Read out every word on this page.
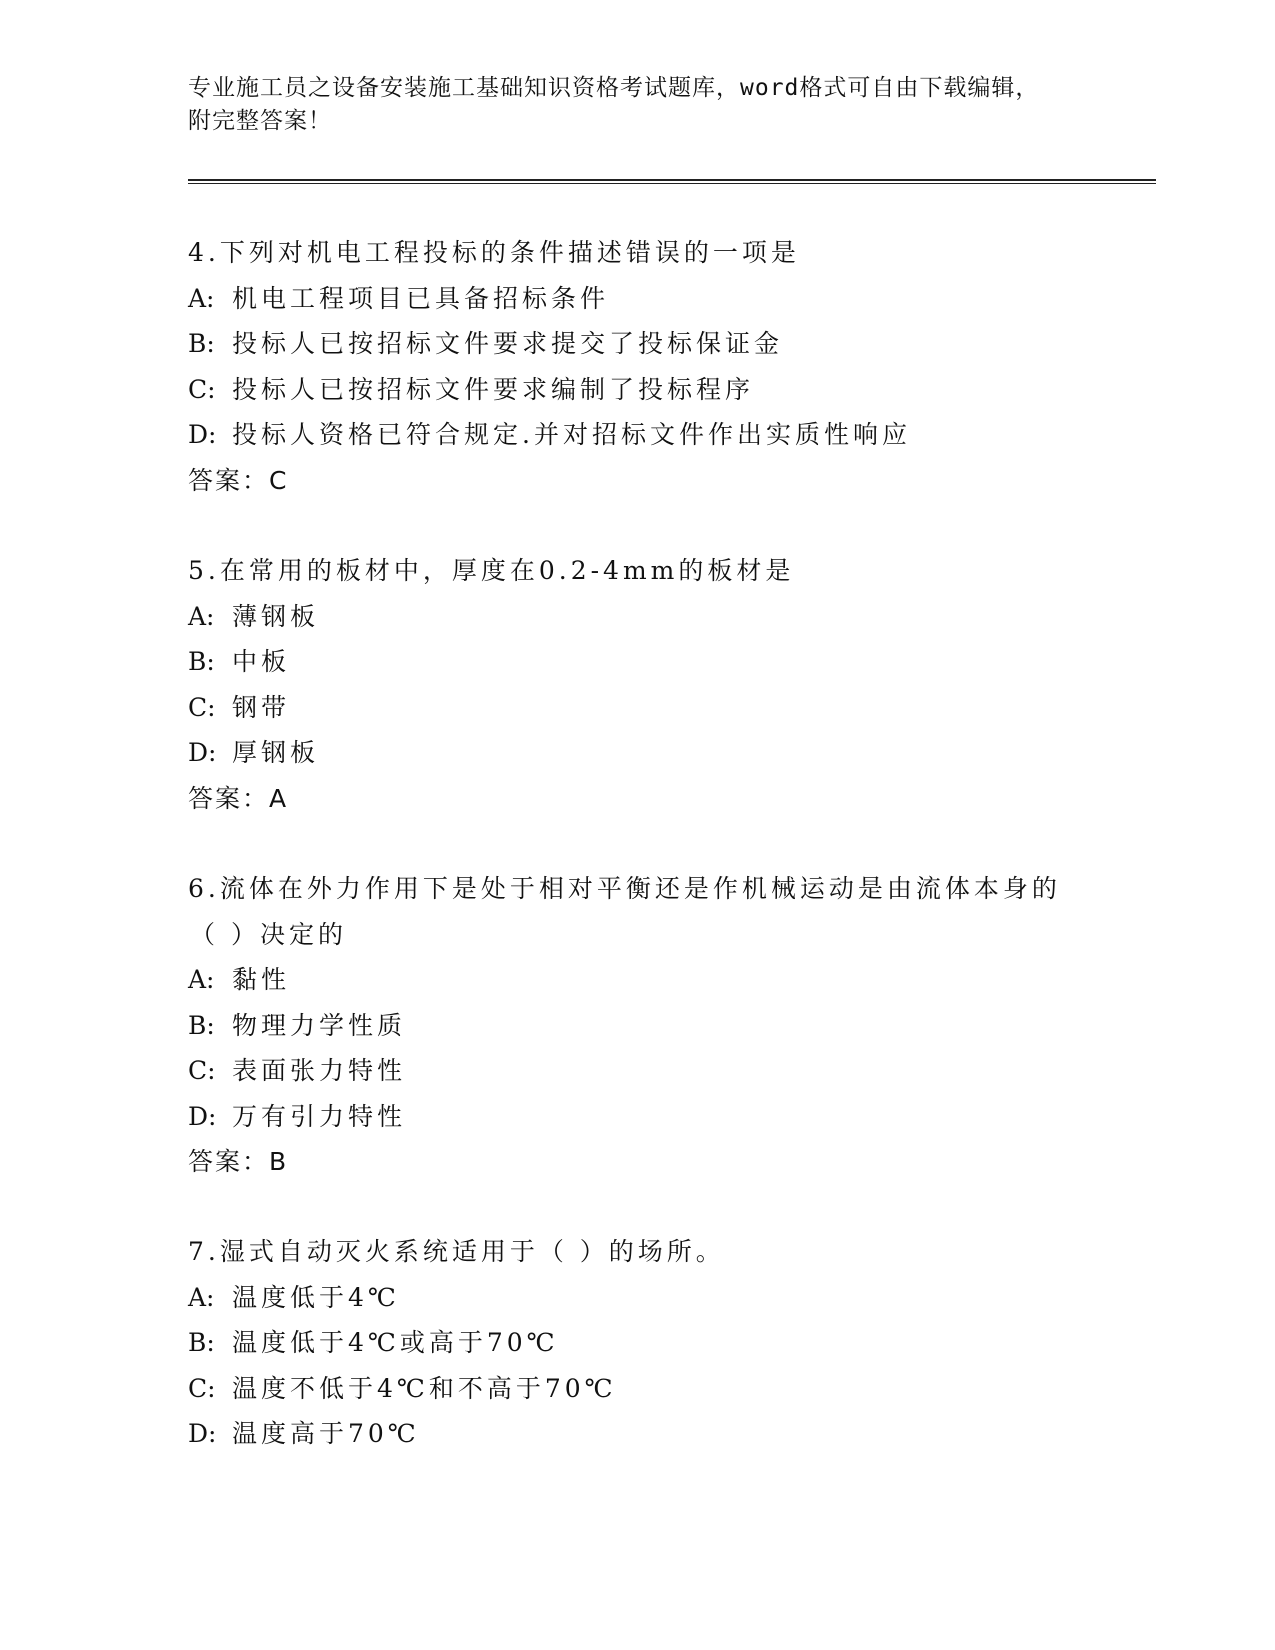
专业施工员之设备安装施工基础知识资格考试题库，word格式可自由下载编辑，
附完整答案！
4.下列对机电工程投标的条件描述错误的一项是
A: 机电工程项目已具备招标条件
B: 投标人已按招标文件要求提交了投标保证金
C: 投标人已按招标文件要求编制了投标程序
D: 投标人资格已符合规定.并对招标文件作出实质性响应
答案：C
5.在常用的板材中，厚度在0.2-4mm的板材是
A: 薄钢板
B: 中板
C: 钢带
D: 厚钢板
答案：A
6.流体在外力作用下是处于相对平衡还是作机械运动是由流体本身的
（ ）决定的
A: 黏性
B: 物理力学性质
C: 表面张力特性
D: 万有引力特性
答案：B
7.湿式自动灭火系统适用于（ ）的场所。
A: 温度低于4℃
B: 温度低于4℃或高于70℃
C: 温度不低于4℃和不高于70℃
D: 温度高于70℃
